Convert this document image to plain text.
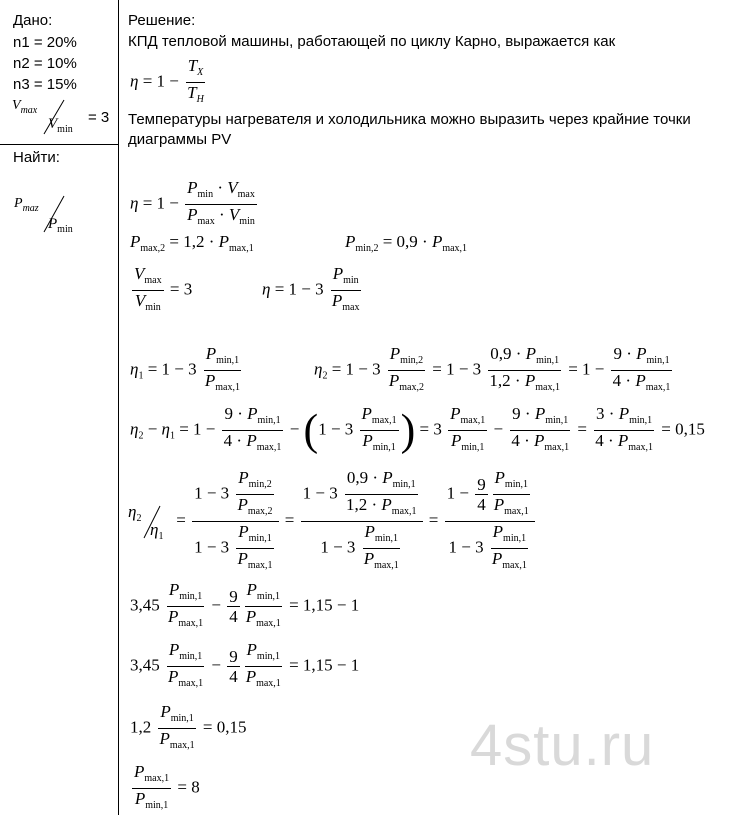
Дано:
n1 = 20%
n2 = 10%
n3 = 15%
$V_{max}$
$V_{min}$
= 3
Найти:
$P_{maz}$
$P_{min}$
Решение:
КПД тепловой машины, работающей по циклу Карно, выражается как
$\eta = 1 - \frac{T_X}{T_H}$
Температуры нагревателя и холодильника можно выразить через крайние точки диаграммы PV
$\eta = 1 - \frac{P_{min} \cdot V_{max}}{P_{max} \cdot V_{min}}$
$P_{max,2} = 1,2 \cdot P_{max,1}$	$P_{min,2} = 0,9 \cdot P_{max,1}$
$\frac{V_{max}}{V_{min}} = 3$	$\eta = 1 - 3 \frac{P_{min}}{P_{max}}$
$\eta_1 = 1 - 3 \frac{P_{min,1}}{P_{max,1}}$	$\eta_2 = 1 - 3 \frac{P_{min,2}}{P_{max,2}} = 1 - 3 \frac{0,9 \cdot P_{min,1}}{1,2 \cdot P_{max,1}} = 1 - \frac{9 \cdot P_{min,1}}{4 \cdot P_{max,1}}$
$\eta_2 - \eta_1 = 1 - \frac{9 \cdot P_{min,1}}{4 \cdot P_{max,1}} - (1 - 3 \frac{P_{max,1}}{P_{min,1}}$ ) = $3 \frac{P_{max,1}}{P_{min,1}} - \frac{9 \cdot P_{min,1}}{4 \cdot P_{max,1}} = \frac{3 \cdot P_{min,1}}{4 \cdot P_{max,1}} = 0,15$
$\eta_2$
$\eta_1$
= $\frac{1 - 3 \frac{P_{min,2}}{P_{max,2}}}{1 - 3 \frac{P_{min,1}}{P_{max,1}}} = \frac{1 - 3 \frac{0,9 \cdot P_{min,1}}{1,2 \cdot P_{max,1}}}{1 - 3 \frac{P_{min,1}}{P_{max,1}}} = \frac{1 - \frac{9}{4} \frac{P_{min,1}}{P_{max,1}}}{1 - 3 \frac{P_{min,1}}{P_{max,1}}}$
$3,45 \frac{P_{min,1}}{P_{max,1}} - \frac{9}{4} \frac{P_{min,1}}{P_{max,1}} = 1,15 - 1$
$3,45 \frac{P_{min,1}}{P_{max,1}} - \frac{9}{4} \frac{P_{min,1}}{P_{max,1}} = 1,15 - 1$
$1,2 \frac{P_{min,1}}{P_{max,1}} = 0,15$
$\frac{P_{max,1}}{P_{min,1}} = 8$
4stu.ru
